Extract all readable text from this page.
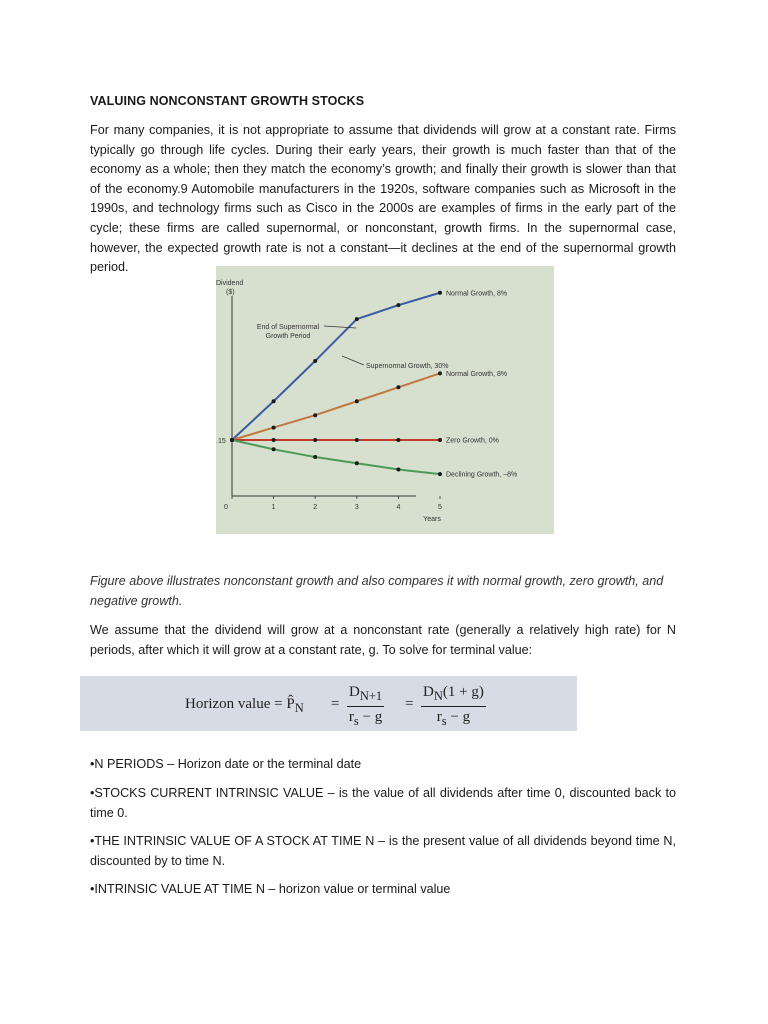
VALUING NONCONSTANT GROWTH STOCKS
For many companies, it is not appropriate to assume that dividends will grow at a constant rate. Firms typically go through life cycles. During their early years, their growth is much faster than that of the economy as a whole; then they match the economy’s growth; and finally their growth is slower than that of the economy.9 Automobile manufacturers in the 1920s, software companies such as Microsoft in the 1990s, and technology firms such as Cisco in the 2000s are examples of firms in the early part of the cycle; these firms are called supernormal, or nonconstant, growth firms. In the supernormal case, however, the expected growth rate is not a constant—it declines at the end of the supernormal growth period.
Dividend
($)
.15
Years
0	1	2	3	4	5
Normal Growth, 8%
Normal Growth, 8%
Zero Growth, 0%
Declining Growth, –8%
End of Supernormal
Growth Period
Supernormal Growth, 30%
Figure above illustrates nonconstant growth and also compares it with normal growth, zero growth, and negative growth.
We assume that the dividend will grow at a nonconstant rate (generally a relatively high rate) for N periods, after which it will grow at a constant rate, g. To solve for terminal value:
Horizon value = $P̂_N = \frac{D_{N+1}}{r_s - g} = \frac{D_N(1 + g)}{r_s - g}$
•N PERIODS – Horizon date or the terminal date
•STOCKS CURRENT INTRINSIC VALUE – is the value of all dividends after time 0, discounted back to time 0.
•THE INTRINSIC VALUE OF A STOCK AT TIME N – is the present value of all dividends beyond time N, discounted by to time N.
•INTRINSIC VALUE AT TIME N – horizon value or terminal value
